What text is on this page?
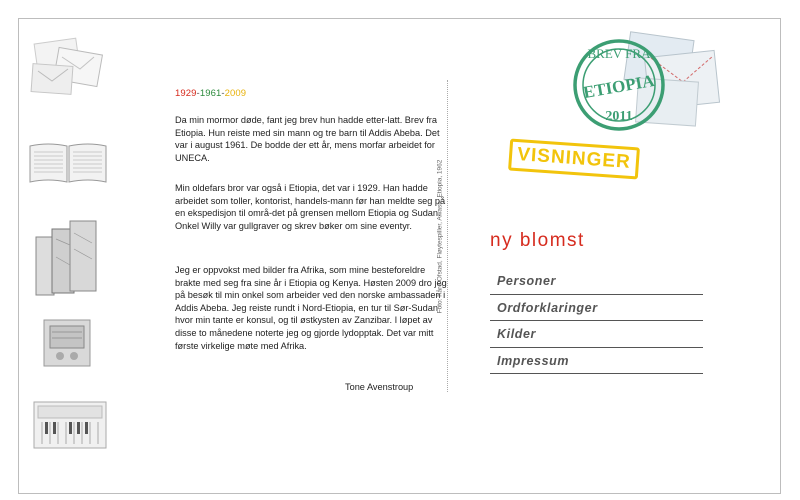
1929-1961-2009

Da min mormor døde, fant jeg brev hun hadde etter-latt. Brev fra Etiopia. Hun reiste med sin mann og tre barn til Addis Abeba. Det var i august 1961. De bodde der ett år, mens morfar arbeidet for UNECA.

Min oldefars bror var også i Etiopia, det var i 1929. Han hadde arbeidet som toller, kontorist, handels-mann før han meldte seg på en ekspedisjon til områ-det på grensen mellom Etiopia og Sudan. Onkel Willy var gullgraver og skrev bøker om sine eventyr.

Jeg er oppvokst med bilder fra Afrika, som mine besteforeldre brakte med seg fra sine år i Etiopia og Kenya. Høsten 2009 dro jeg på besøk til min onkel som arbeider ved den norske ambassaden i Addis Abeba. Jeg reiste rundt i Nord-Etiopia, en tur til Sør-Sudan hvor min tante er konsul, og til østkysten av Zanzibar. I løpet av disse to månedene noterte jeg og gjorde lydopptak. Det var mitt første virkelige møte med Afrika.

Tone Avenstroup
Foto: Kåre Ofstad, Fløytespiller, Awash, Etiopia, 1962
BREV FRA
ETIOPIA
2011
VISNINGER
ny blomst
Personer
Ordforklaringer
Kilder
Impressum
